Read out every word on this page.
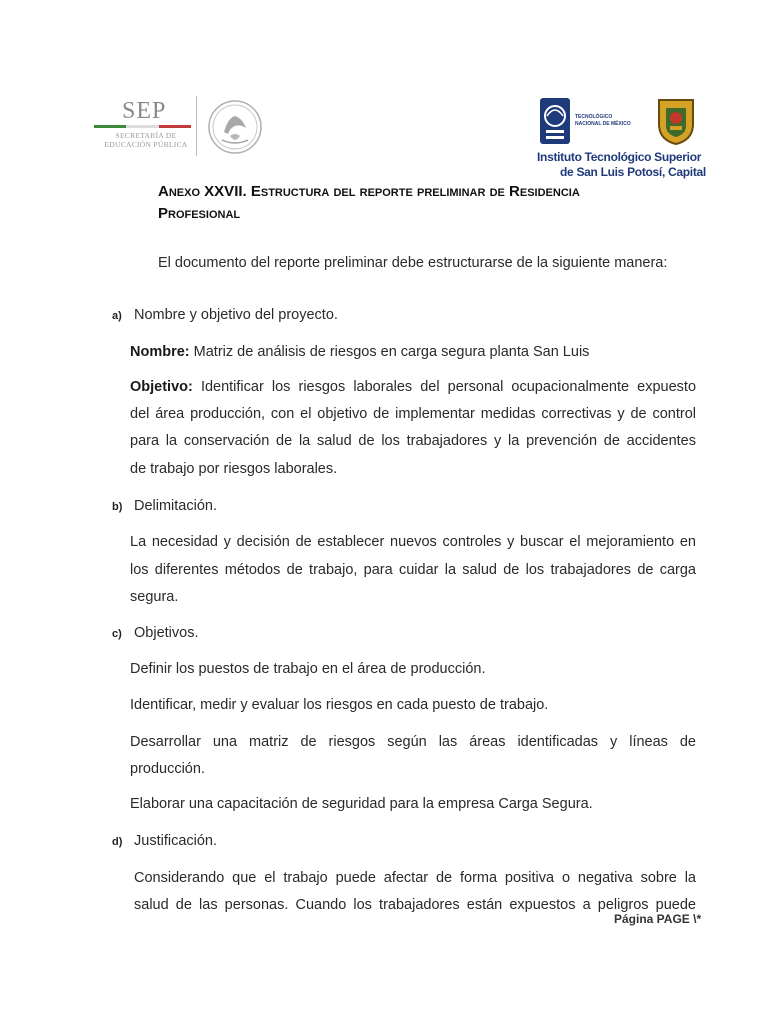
SEP
SECRETARÍA DE
EDUCACIÓN PÚBLICA
TECNOLÓGICO
NACIONAL DE MÉXICO
Instituto Tecnológico Superior
de San Luis Potosí, Capital
Anexo XXVII. Estructura del reporte preliminar de Residencia
Profesional
El documento del reporte preliminar debe estructurarse de la siguiente manera:
a) Nombre y objetivo del proyecto.
Nombre: Matriz de análisis de riesgos en carga segura planta San Luis
Objetivo: Identificar los riesgos laborales del personal ocupacionalmente expuesto
del área producción, con el objetivo de implementar medidas correctivas y de control
para la conservación de la salud de los trabajadores y la prevención de accidentes
de trabajo por riesgos laborales.
b) Delimitación.
La necesidad y decisión de establecer nuevos controles y buscar el mejoramiento en
los diferentes métodos de trabajo, para cuidar la salud de los trabajadores de carga
segura.
c) Objetivos.
Definir los puestos de trabajo en el área de producción.
Identificar, medir y evaluar los riesgos en cada puesto de trabajo.
Desarrollar una matriz de riesgos según las áreas identificadas y líneas de
producción.
Elaborar una capacitación de seguridad para la empresa Carga Segura.
d) Justificación.
Considerando que el trabajo puede afectar de forma positiva o negativa sobre la
salud de las personas. Cuando los trabajadores están expuestos a peligros puede
Página PAGE \*
